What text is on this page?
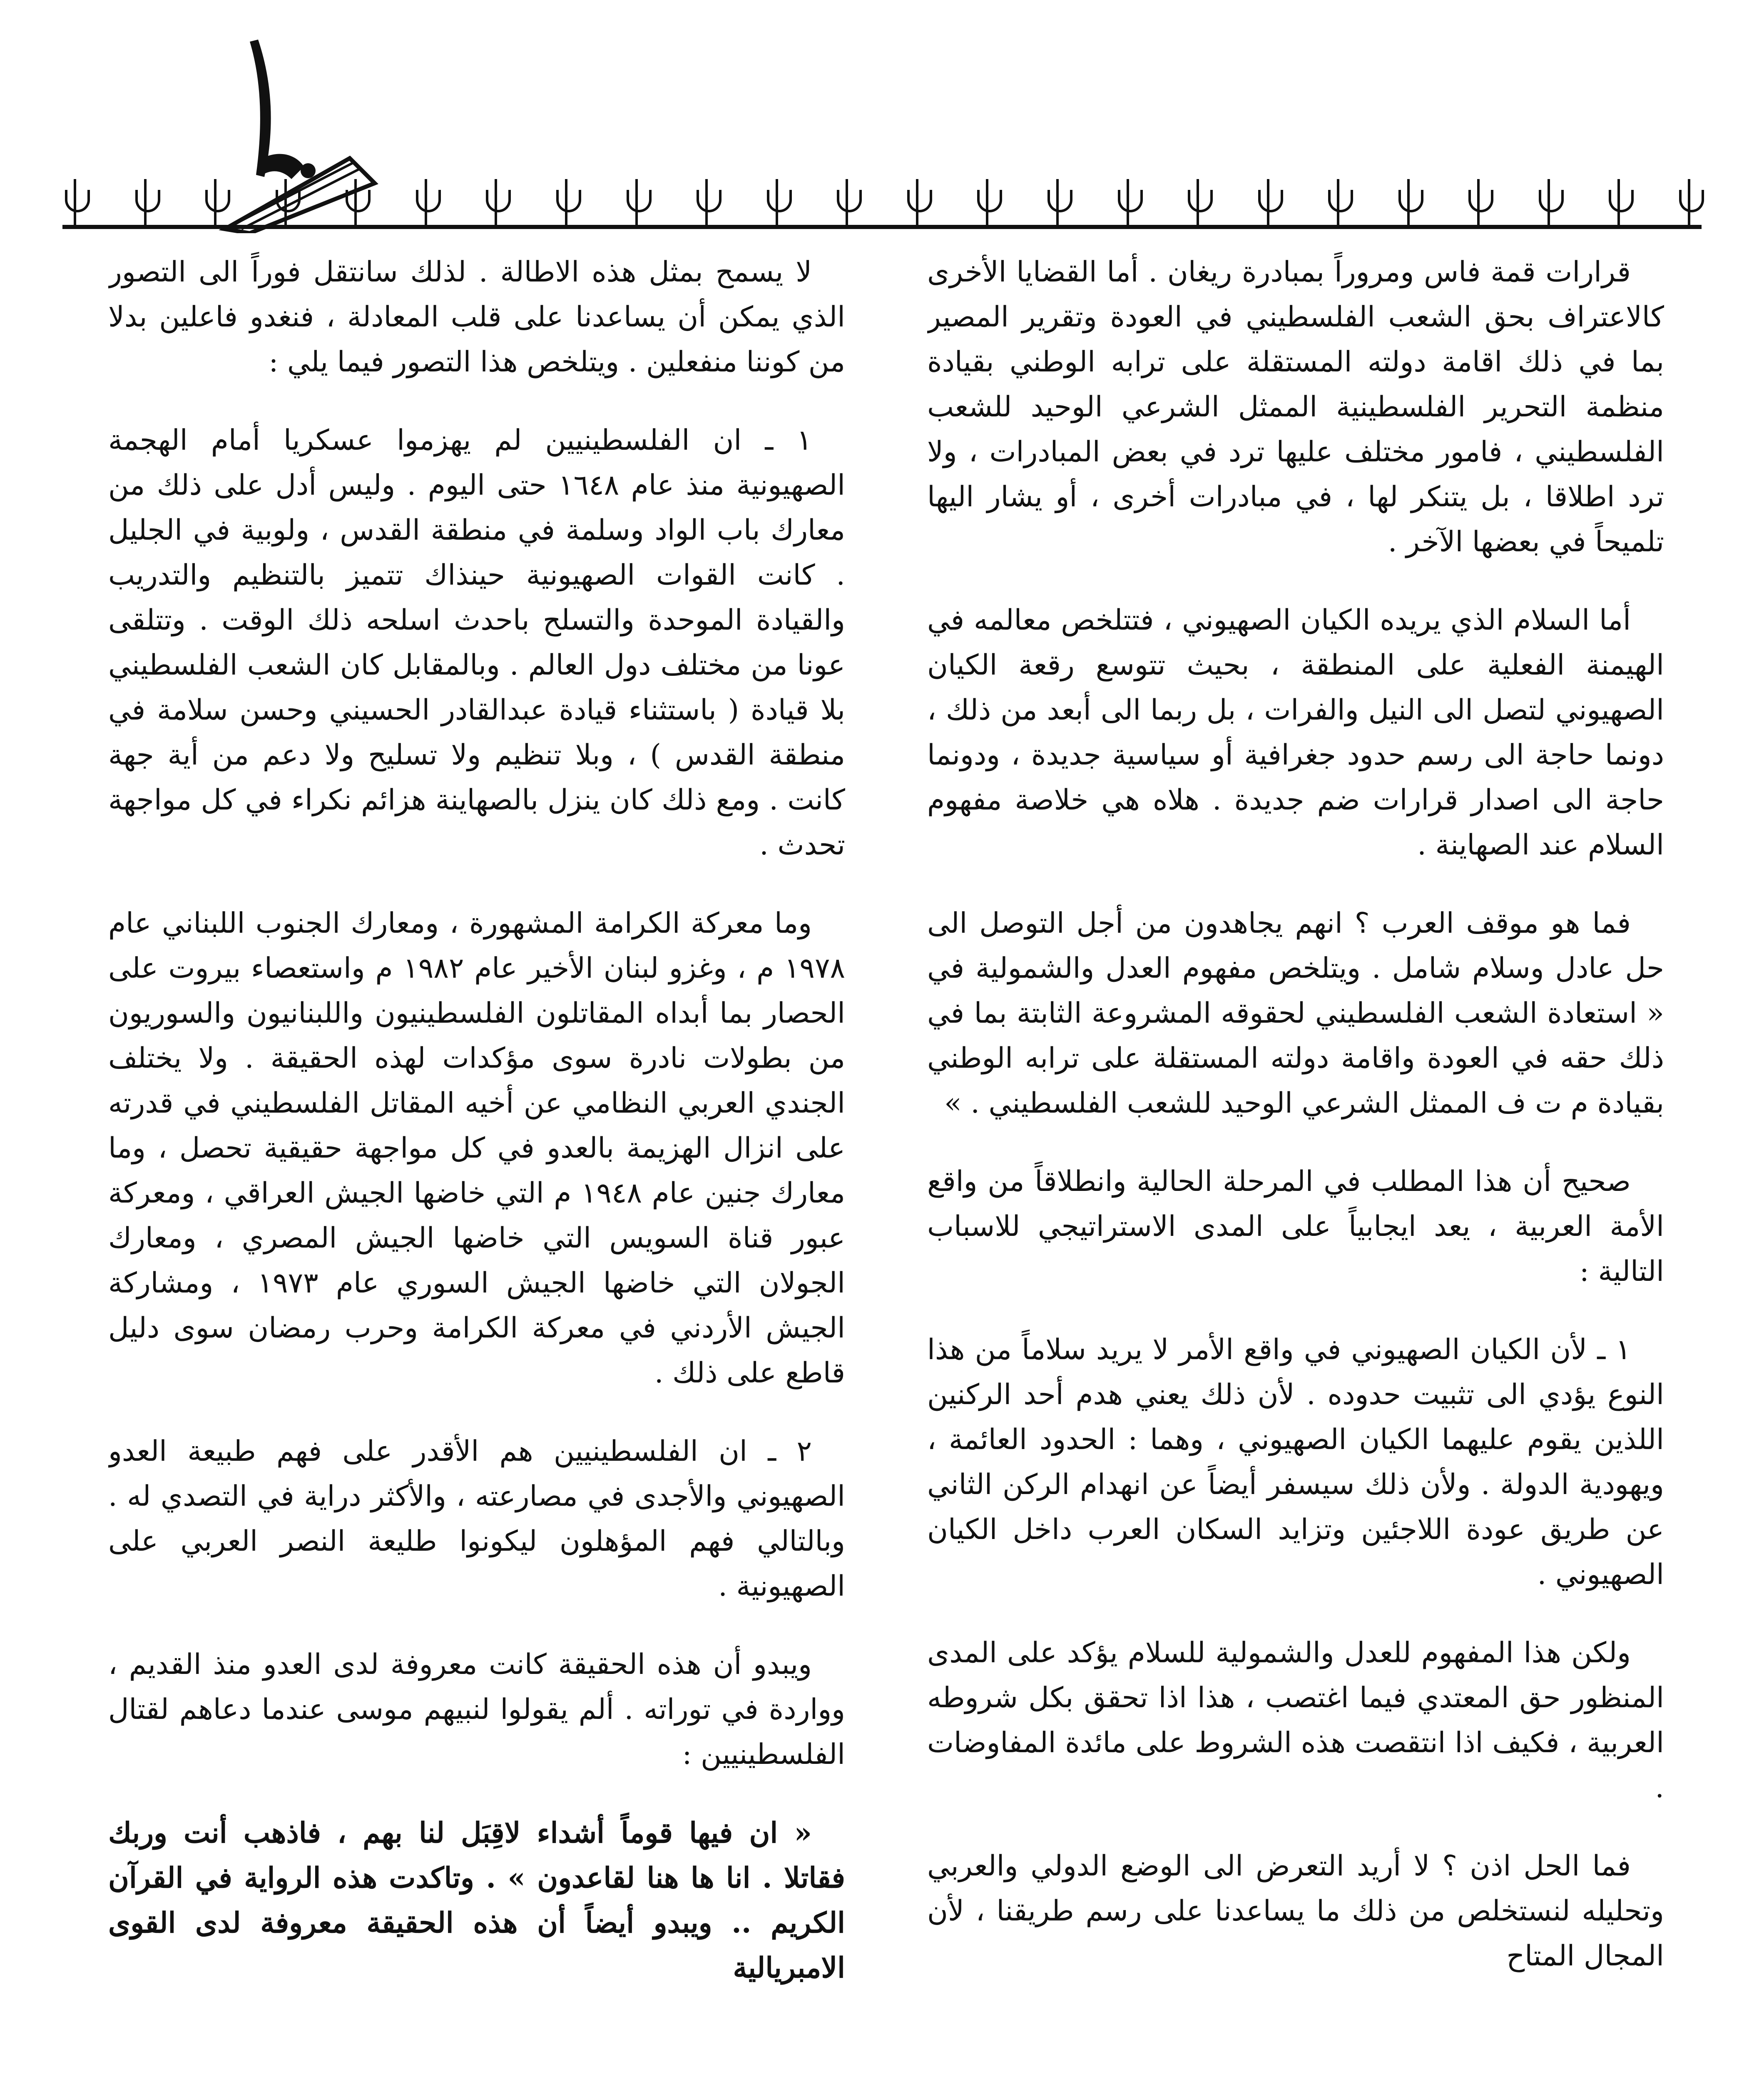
قرارات قمة فاس ومروراً بمبادرة ريغان . أما القضايا الأخرى كالاعتراف بحق الشعب الفلسطيني في العودة وتقرير المصير بما في ذلك اقامة دولته المستقلة على ترابه الوطني بقيادة منظمة التحرير الفلسطينية الممثل الشرعي الوحيد للشعب الفلسطيني ، فامور مختلف عليها ترد في بعض المبادرات ، ولا ترد اطلاقا ، بل يتنكر لها ، في مبادرات أخرى ، أو يشار اليها تلميحاً في بعضها الآخر .

أما السلام الذي يريده الكيان الصهيوني ، فتتلخص معالمه في الهيمنة الفعلية على المنطقة ، بحيث تتوسع رقعة الكيان الصهيوني لتصل الى النيل والفرات ، بل ربما الى أبعد من ذلك ، دونما حاجة الى رسم حدود جغرافية أو سياسية جديدة ، ودونما حاجة الى اصدار قرارات ضم جديدة . هلاه هي خلاصة مفهوم السلام عند الصهاينة .

فما هو موقف العرب ؟ انهم يجاهدون من أجل التوصل الى حل عادل وسلام شامل . ويتلخص مفهوم العدل والشمولية في « استعادة الشعب الفلسطيني لحقوقه المشروعة الثابتة بما في ذلك حقه في العودة واقامة دولته المستقلة على ترابه الوطني بقيادة م ت ف الممثل الشرعي الوحيد للشعب الفلسطيني . »

صحيح أن هذا المطلب في المرحلة الحالية وانطلاقاً من واقع الأمة العربية ، يعد ايجابياً على المدى الاستراتيجي للاسباب التالية :

١ ـ لأن الكيان الصهيوني في واقع الأمر لا يريد سلاماً من هذا النوع يؤدي الى تثبيت حدوده . لأن ذلك يعني هدم أحد الركنين اللذين يقوم عليهما الكيان الصهيوني ، وهما : الحدود العائمة ، ويهودية الدولة . ولأن ذلك سيسفر أيضاً عن انهدام الركن الثاني عن طريق عودة اللاجئين وتزايد السكان العرب داخل الكيان الصهيوني .

ولكن هذا المفهوم للعدل والشمولية للسلام يؤكد على المدى المنظور حق المعتدي فيما اغتصب ، هذا اذا تحقق بكل شروطه العربية ، فكيف اذا انتقصت هذه الشروط على مائدة المفاوضات .

فما الحل اذن ؟ لا أريد التعرض الى الوضع الدولي والعربي وتحليله لنستخلص من ذلك ما يساعدنا على رسم طريقنا ، لأن المجال المتاح

لا يسمح بمثل هذه الاطالة . لذلك سانتقل فوراً الى التصور الذي يمكن أن يساعدنا على قلب المعادلة ، فنغدو فاعلين بدلا من كوننا منفعلين . ويتلخص هذا التصور فيما يلي :

١ ـ ان الفلسطينيين لم يهزموا عسكريا أمام الهجمة الصهيونية منذ عام ١٦٤٨ حتى اليوم . وليس أدل على ذلك من معارك باب الواد وسلمة في منطقة القدس ، ولوبية في الجليل . كانت القوات الصهيونية حينذاك تتميز بالتنظيم والتدريب والقيادة الموحدة والتسلح باحدث اسلحه ذلك الوقت . وتتلقى عونا من مختلف دول العالم . وبالمقابل كان الشعب الفلسطيني بلا قيادة ( باستثناء قيادة عبدالقادر الحسيني وحسن سلامة في منطقة القدس ) ، وبلا تنظيم ولا تسليح ولا دعم من أية جهة كانت . ومع ذلك كان ينزل بالصهاينة هزائم نكراء في كل مواجهة تحدث .

وما معركة الكرامة المشهورة ، ومعارك الجنوب اللبناني عام ١٩٧٨ م ، وغزو لبنان الأخير عام ١٩٨٢ م واستعصاء بيروت على الحصار بما أبداه المقاتلون الفلسطينيون واللبنانيون والسوريون من بطولات نادرة سوى مؤكدات لهذه الحقيقة . ولا يختلف الجندي العربي النظامي عن أخيه المقاتل الفلسطيني في قدرته على انزال الهزيمة بالعدو في كل مواجهة حقيقية تحصل ، وما معارك جنين عام ١٩٤٨ م التي خاضها الجيش العراقي ، ومعركة عبور قناة السويس التي خاضها الجيش المصري ، ومعارك الجولان التي خاضها الجيش السوري عام ١٩٧٣ ، ومشاركة الجيش الأردني في معركة الكرامة وحرب رمضان سوى دليل قاطع على ذلك .

٢ ـ ان الفلسطينيين هم الأقدر على فهم طبيعة العدو الصهيوني والأجدى في مصارعته ، والأكثر دراية في التصدي له . وبالتالي فهم المؤهلون ليكونوا طليعة النصر العربي على الصهيونية .

ويبدو أن هذه الحقيقة كانت معروفة لدى العدو منذ القديم ، وواردة في توراته . ألم يقولوا لنبيهم موسى عندما دعاهم لقتال الفلسطينيين :

« ان فيها قوماً أشداء لاقِبَل لنا بهم ، فاذهب أنت وربك فقاتلا . انا ها هنا لقاعدون » . وتاكدت هذه الرواية في القرآن الكريم .. ويبدو أيضاً أن هذه الحقيقة معروفة لدى القوى الامبريالية
